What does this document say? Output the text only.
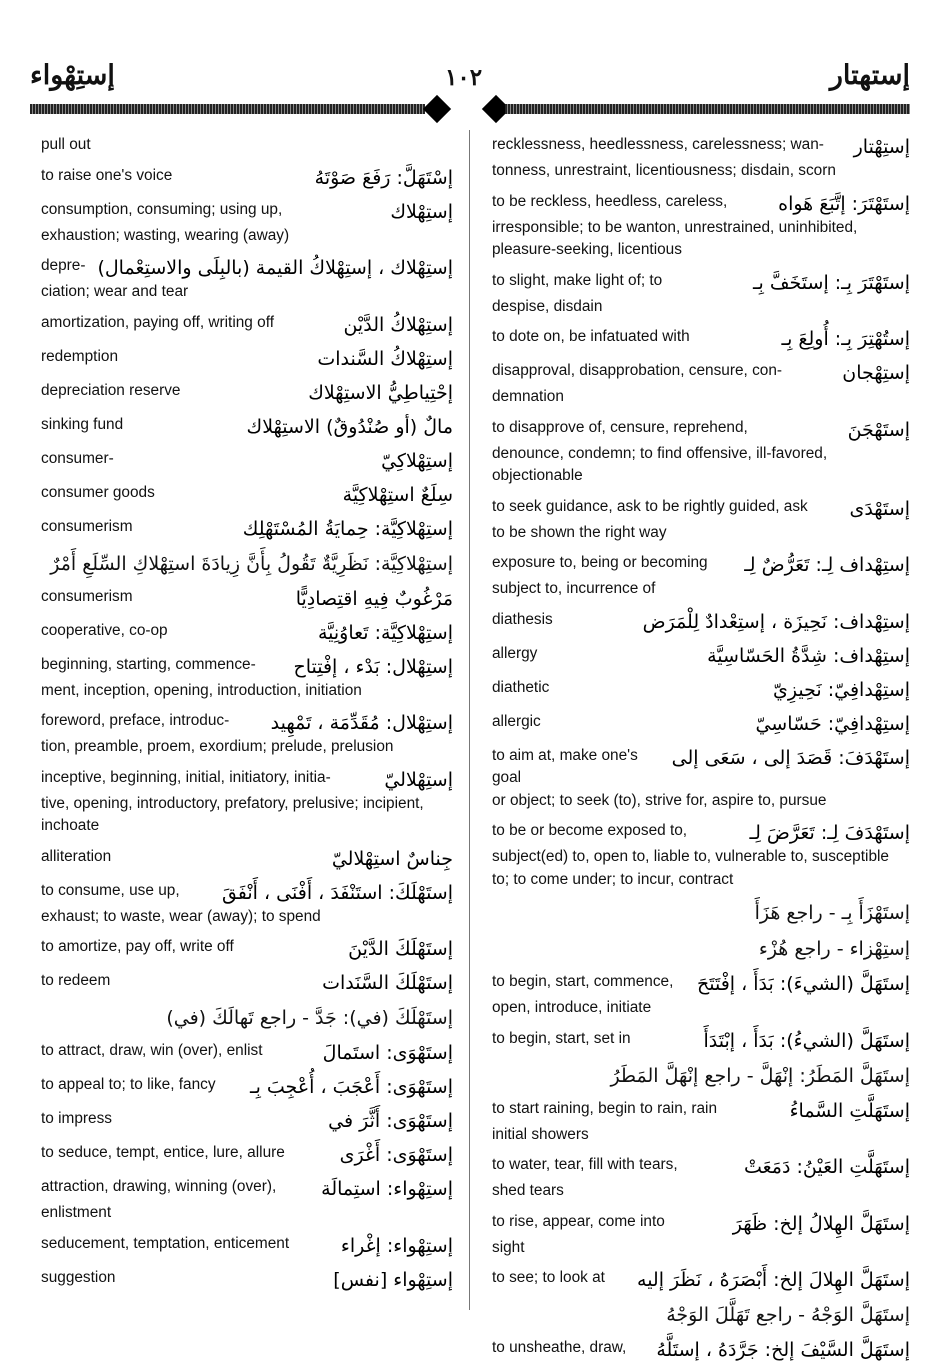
إستِهْواء	١٠٢	إستهتار
pull out
to raise one's voice	إسْتَهَلَّ: رَفَعَ صَوْتَهُ
consumption, consuming; using up,	إستِهْلاك
exhaustion; wasting, wearing (away)
depre- إستِهْلاك ، إستِهْلاكُ القيمة (بالبِلَى والاستِعْمال)
ciation; wear and tear
amortization, paying off, writing off	إستِهْلاكُ الدَّيْن
redemption	إستِهْلاكُ السَّندات
depreciation reserve	إحْتِياطِيُّ الاستِهْلاك
sinking fund	مالٌ (أو صُنْدُوقٌ) الاستِهْلاك
consumer-	إستِهْلاكِيّ
consumer goods	سِلَعٌ استِهْلاكِيَّة
consumerism	إستِهْلاكِيَّة: حِمايَةُ المُسْتَهْلِك
إستِهْلاكِيَّة: نَظَرِيَّةٌ تَقُولُ بِأَنَّ زِيادَةَ استِهْلاكِ السِّلَعِ أَمْرٌ
consumerism	مَرْغُوبٌ فِيهِ اقتِصادِيًّا
cooperative, co-op	إستِهْلاكِيَّة: تَعاوُنِيَّة
beginning, starting, commence- إستِهْلال: بَدْء ، إفْتِتاح
ment, inception, opening, introduction, initiation
foreword, preface, introduc- إستِهْلال: مُقَدِّمَة ، تَمْهِيد
tion, preamble, proem, exordium; prelude, prelusion
inceptive, beginning, initial, initiatory, initia-	إستِهْلاليّ
tive, opening, introductory, prefatory, prelusive; incipient, inchoate
alliteration	جِناسٌ استِهْلاليّ
to consume, use up, إستَهْلَكَ: استَنْفَدَ ، أَفْنَى ، أَنْفَقَ
exhaust; to waste, wear (away); to spend
to amortize, pay off, write off	إستَهْلَكَ الدَّيْنَ
to redeem	إستَهْلَكَ السَّنَدات
إستَهْلَكَ (في): جَدَّ - راجع تَهالَكَ (في)
to attract, draw, win (over), enlist	إستَهْوَى: استَمالَ
to appeal to; to like, fancy إستَهْوَى: أَعْجَبَ ، أُعْجِبَ بِـ
to impress	إستَهْوَى: أَثَّرَ في
to seduce, tempt, entice, lure, allure	إستَهْوَى: أَغْرَى
attraction, drawing, winning (over), إستِهْواء: استِمالَة
enlistment
seducement, temptation, enticement	إستِهْواء: إغْراء
suggestion	إستِهْواء [نفس]
recklessness, heedlessness, carelessness; wan- إستِهْتار
tonness, unrestraint, licentiousness; disdain, scorn
to be reckless, heedless, careless,	إستَهْتَرَ: إتَّبَعَ هَواه
irresponsible; to be wanton, unrestrained, uninhibited, pleasure-seeking, licentious
to slight, make light of; to	إستَهْتَرَ بِـ: إستَخَفَّ بِـ
despise, disdain
to dote on, be infatuated with	إستُهْتِرَ بِـ: أُولِعَ بِـ
disapproval, disapprobation, censure, con-	إستِهْجان
demnation
to disapprove of, censure, reprehend,	إستَهْجَنَ
denounce, condemn; to find offensive, ill-favored, objectionable
to seek guidance, ask to be rightly guided, ask إستَهْدَى
to be shown the right way
exposure to, being or becoming إستِهْداف لِـ: تَعَرُّضٌ لِـ
subject to, incurrence of
diathesis	إستِهْداف: نَحِيزَة ، إستِعْدادٌ لِلْمَرَض
allergy	إستِهْداف: شِدَّةُ الحَسّاسِيَّة
diathetic	إستِهْدافِيّ: نَحِيزِيّ
allergic	إستِهْدافِيّ: حَسّاسِيّ
to aim at, make one's goal
إستَهْدَفَ: قَصَدَ إلى ، سَعَى إلى
or object; to seek (to), strive for, aspire to, pursue
to be or become exposed to,	إستَهْدَفَ لِـ: تَعَرَّضَ لِـ
subject(ed) to, open to, liable to, vulnerable to, susceptible to; to come under; to incur, contract
إستَهْزَأَ بِـ - راجع هَزَأَ
إستِهْزاء - راجع هُزْء
to begin, start, commence, إستَهَلَّ (الشيءَ): بَدَأَ ، إفْتَتَحَ
open, introduce, initiate
to begin, start, set in	إستَهَلَّ (الشيءُ): بَدَأَ ، إبْتَدَأَ
إستَهَلَّ المَطَرُ: إنْهَلَّ - راجع إنْهَلَّ المَطَرُ
to start raining, begin to rain, rain	إستَهَلَّتِ السَّماءُ
initial showers
to water, tear, fill with tears,	إستَهَلَّتِ العَيْنُ: دَمَعَتْ
shed tears
to rise, appear, come into	إستَهَلَّ الهِلالُ إلخ: ظَهَرَ
sight
to see; to look at إستَهَلَّ الهِلالَ إلخ: أَبْصَرَهُ ، نَظَرَ إليه
إستَهَلَّ الوَجْهُ - راجع تَهَلَّلَ الوَجْهُ
to unsheathe, draw, إستَهَلَّ السَّيْفَ إلخ: جَرَّدَهُ ، إستَلَّهُ
